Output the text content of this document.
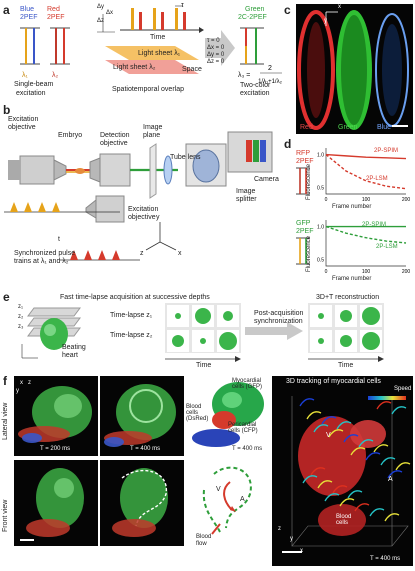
a Blue
2PEF
Red
2PEF
λ₁	λ₂
Single-beam
excitation
Δy
Δx
Δz
τ
Time
Light sheet λ₁
Light sheet λ₂	Space
Spatiotemporal overlap
τ = 0
Δx = 0
Δy = 0
Δz = 0
Green
2C-2PEF
λ₃ =
2
1/λ₁+1/λ₂
Two-color
excitation
c
y
x
Red	Green	Blue
b
Excitation
objective
Embryo	Detection
objective
Image
plane
Tube lens
Excitation
objective
Camera
Image
splitter
Synchronized pulse
trains at λ₁ and λ₂
t
y
z	x
d
RFP
2PEF
GFP
2PEF
1.0
0.5
0	100	200
1.0
0.5
0	100	200
e	Fast time-lapse acquisition at successive depths
z₁
z₂
z₃
Beating
heart
Time-lapse z₁
Time-lapse z₂
Time
Post-acquisition
synchronization
3D+T reconstruction
Time
f
Lateral view
Front view
Myocardial
cells (GFP)
Blood
cells
(DsRed)
Pericardial
cells (CFP)
T = 200 ms	T = 400 ms	T = 400 ms
x z
y
V
A
Blood
flow
3D tracking of myocardial cells
Speed
V
A
Blood
cells
T = 400 ms
z
y
x
2P-SPIM
2P-LSM
2P-SPIM
2P-LSM
Frame number
Frame number
Fluorescence
Fluorescence
